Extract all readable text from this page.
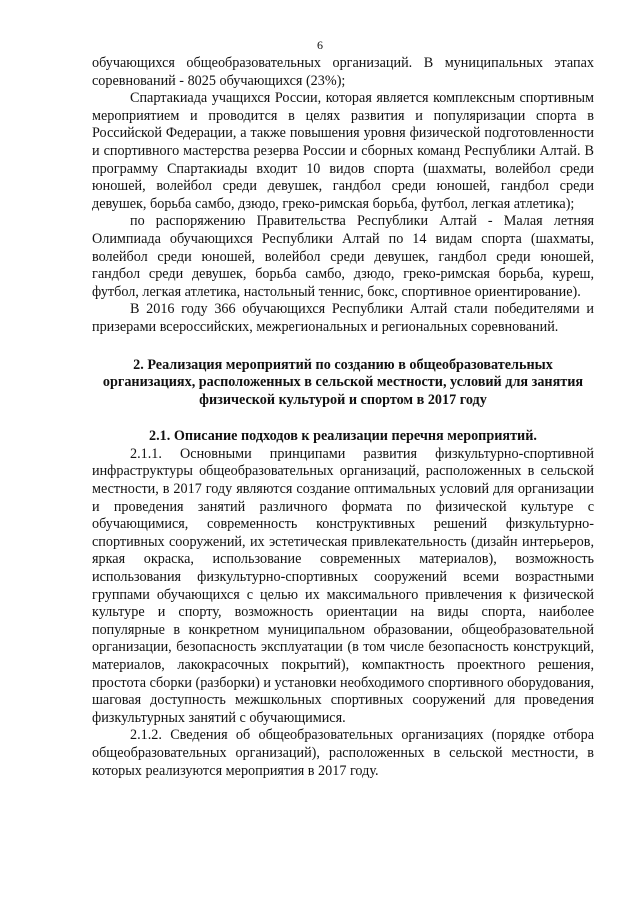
6

обучающихся общеобразовательных организаций. В муниципальных этапах соревнований - 8025 обучающихся (23%);

Спартакиада учащихся России, которая является комплексным спортивным мероприятием и проводится в целях развития и популяризации спорта в Российской Федерации, а также повышения уровня физической подготовленности и спортивного мастерства резерва России и сборных команд Республики Алтай. В программу Спартакиады входит 10 видов спорта (шахматы, волейбол среди юношей, волейбол среди девушек, гандбол среди юношей, гандбол среди девушек, борьба самбо, дзюдо, греко-римская борьба, футбол, легкая атлетика);

по распоряжению Правительства Республики Алтай - Малая летняя Олимпиада обучающихся Республики Алтай по 14 видам спорта (шахматы, волейбол среди юношей, волейбол среди девушек, гандбол среди юношей, гандбол среди девушек, борьба самбо, дзюдо, греко-римская борьба, куреш, футбол, легкая атлетика, настольный теннис, бокс, спортивное ориентирование).

В 2016 году 366 обучающихся Республики Алтай стали победителями и призерами всероссийских, межрегиональных и региональных соревнований.

2. Реализация мероприятий по созданию в общеобразовательных организациях, расположенных в сельской местности, условий для занятия физической культурой и спортом в 2017 году

2.1. Описание подходов к реализации перечня мероприятий.

2.1.1. Основными принципами развития физкультурно-спортивной инфраструктуры общеобразовательных организаций, расположенных в сельской местности, в 2017 году являются создание оптимальных условий для организации и проведения занятий различного формата по физической культуре с обучающимися, современность конструктивных решений физкультурно-спортивных сооружений, их эстетическая привлекательность (дизайн интерьеров, яркая окраска, использование современных материалов), возможность использования физкультурно-спортивных сооружений всеми возрастными группами обучающихся с целью их максимального привлечения к физической культуре и спорту, возможность ориентации на виды спорта, наиболее популярные в конкретном муниципальном образовании, общеобразовательной организации, безопасность эксплуатации (в том числе безопасность конструкций, материалов, лакокрасочных покрытий), компактность проектного решения, простота сборки (разборки) и установки необходимого спортивного оборудования, шаговая доступность межшкольных спортивных сооружений для проведения физкультурных занятий с обучающимися.

2.1.2. Сведения об общеобразовательных организациях (порядке отбора общеобразовательных организаций), расположенных в сельской местности, в которых реализуются мероприятия в 2017 году.
